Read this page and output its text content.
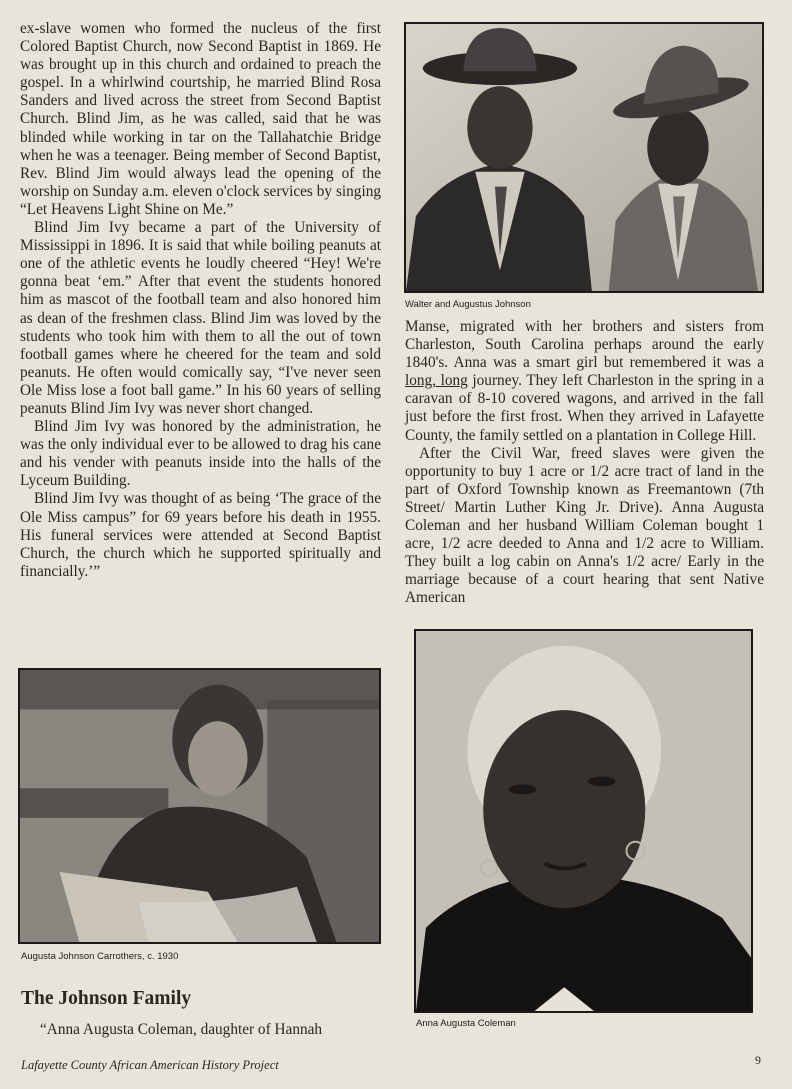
ex-slave women who formed the nucleus of the first Colored Baptist Church, now Second Baptist in 1869. He was brought up in this church and ordained to preach the gospel. In a whirlwind courtship, he married Blind Rosa Sanders and lived across the street from Second Baptist Church. Blind Jim, as he was called, said that he was blinded while working in tar on the Tallahatchie Bridge when he was a teenager. Being member of Second Baptist, Rev. Blind Jim would always lead the opening of the worship on Sunday a.m. eleven o'clock services by singing “Let Heavens Light Shine on Me.”

Blind Jim Ivy became a part of the University of Mississippi in 1896. It is said that while boiling peanuts at one of the athletic events he loudly cheered “Hey! We're gonna beat ‘em.” After that event the students honored him as mascot of the football team and also honored him as dean of the freshmen class. Blind Jim was loved by the students who took him with them to all the out of town football games where he cheered for the team and sold peanuts. He often would comically say, “I've never seen Ole Miss lose a foot ball game.” In his 60 years of selling peanuts Blind Jim Ivy was never short changed.

Blind Jim Ivy was honored by the administration, he was the only individual ever to be allowed to drag his cane and his vender with peanuts inside into the halls of the Lyceum Building.

Blind Jim Ivy was thought of as being ‘The grace of the Ole Miss campus” for 69 years before his death in 1955. His funeral services were attended at Second Baptist Church, the church which he supported spiritually and financially.’”

Walter and Augustus Johnson

Manse, migrated with her brothers and sisters from Charleston, South Carolina perhaps around the early 1840's. Anna was a smart girl but remembered it was a long, long journey. They left Charleston in the spring in a caravan of 8-10 covered wagons, and arrived in the fall just before the first frost. When they arrived in Lafayette County, the family settled on a plantation in College Hill.

After the Civil War, freed slaves were given the opportunity to buy 1 acre or 1/2 acre tract of land in the part of Oxford Township known as Freemantown (7th Street/ Martin Luther King Jr. Drive). Anna Augusta Coleman and her husband William Coleman bought 1 acre, 1/2 acre deeded to Anna and 1/2 acre to William. They built a log cabin on Anna's 1/2 acre/ Early in the marriage because of a court hearing that sent Native American

Augusta Johnson Carrothers, c. 1930
Anna Augusta Coleman
The Johnson Family

“Anna Augusta Coleman, daughter of Hannah

Lafayette County African American History Project	9
